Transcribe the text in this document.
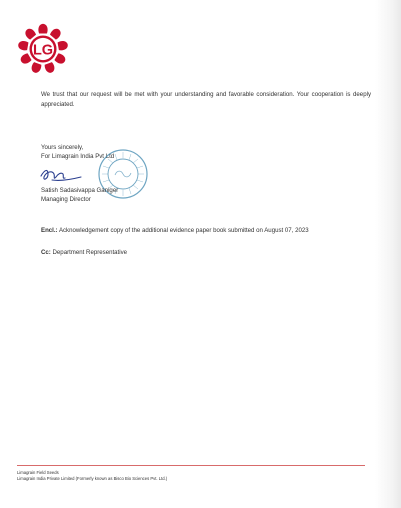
LG
We trust that our request will be met with your understanding and favorable consideration. Your cooperation is deeply appreciated.
Yours sincerely,
For Limagrain India Pvt Ltd
Satish Sadasivappa Ganiger
Managing Director
Encl.: Acknowledgement copy of the additional evidence paper book submitted on August 07, 2023
Cc: Department Representative
Limagrain Field Seeds
Limagrain India Private Limited (Formerly known as Bisco Bio Sciences Pvt. Ltd.)
